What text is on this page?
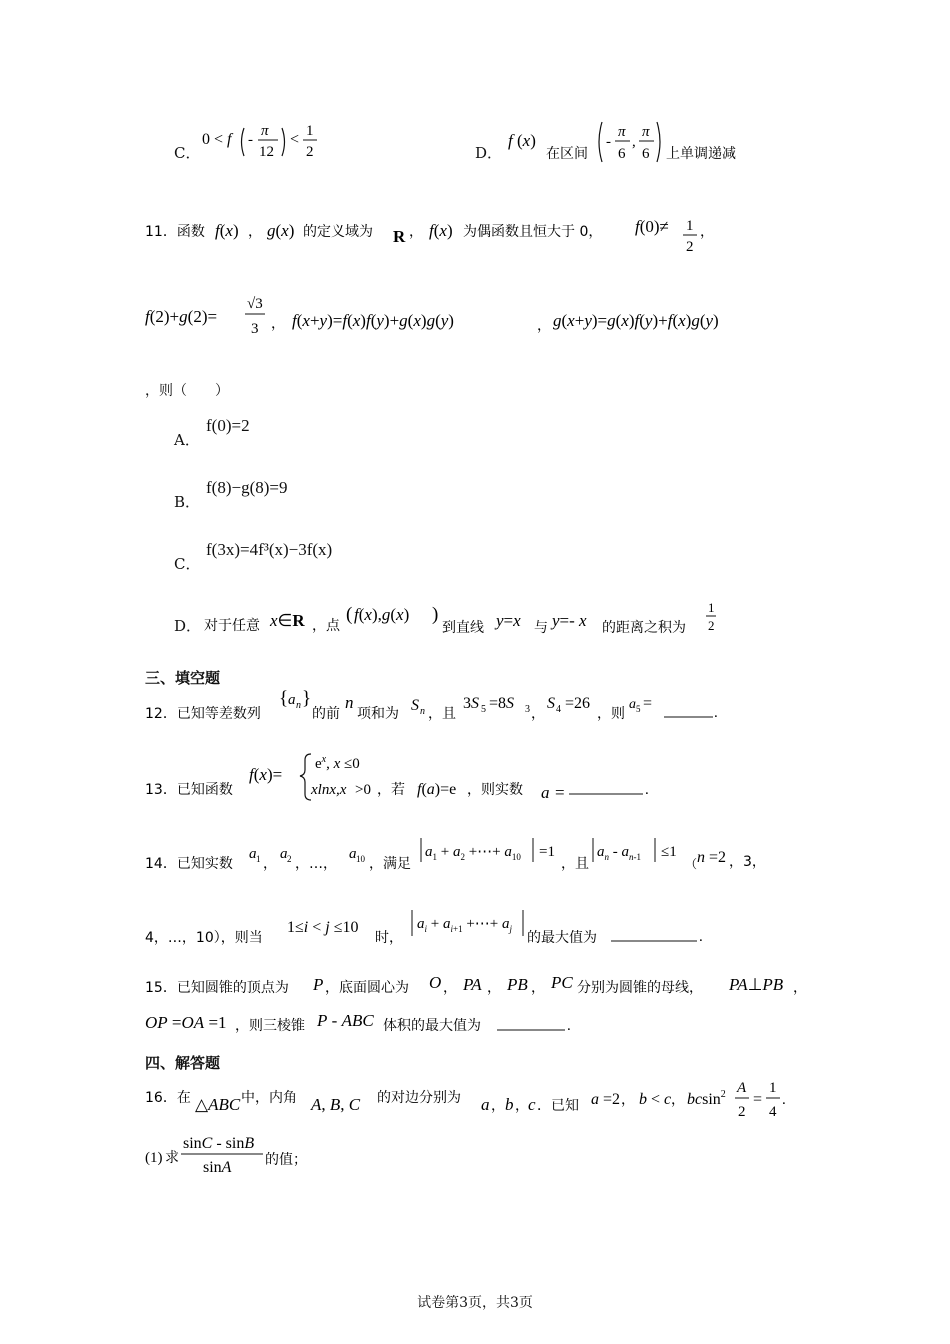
C．
0 < f -
π
12
< 1
2	D．
f (x)
在区间
-
π
6
,
π
6 上单调递减
11．函数 f(x) ， g(x) 的定义域为 R ， f(x) 为偶函数且恒大于 0， f(0)≠ 1
2
，
f(2)+g(2)=
√3
3 ， f(x+y)=f(x)f(y)+g(x)g(y)	， g(x+y)=g(x)f(y)+f(x)g(y)
，则（　　）
A．
f(0)=2
B．
f(8)−g(8)=9
C．
f(3x)=4f³(x)−3f(x)
D． 对于任意 x∈R ，点
( f(x),g(x) )
到直线 y=x 与 y=- x 的距离之积为
1
2
三、填空题
12．已知等差数列
{ a n }
的前
n
项和为 S n ，且
3S 5 =8S 3 ，
S 4 =26
，则
a 5 =
.
13．已知函数
f(x)=
$e^x$, x ≤0
xlnx,x >0 ，若 f(a)=e ，则实数 a =	.
14．已知实数
a 1 ，
a 2 ，…，
a 10 ，满足
$a_1 + a_2$ +⋯+ $a_{10} =1$
，且
$a_n - a_n-1 \le 1$
（ n =2 ，3，
4，…，10），则当
1≤i < j ≤10
时，
$a_i + a_i+1$ +⋯+ $a_j$
的最大值为	.
15．已知圆锥的顶点为 P ，底面圆心为 O ， PA ， PB ， PC 分别为圆锥的母线， PA⊥PB ，
OP =OA =1 ，则三棱锥 P - ABC 体积的最大值为	.
四、解答题
16．在 △ABC 中，内角 A, B, C 的对边分别为 a ， b ， c ．已知 a =2 ， b < c ， bcsin$^2$ A
2
=
1
4
.
(1) 求
sinC - sinB
sinA 的值；
试卷第3页，共3页
